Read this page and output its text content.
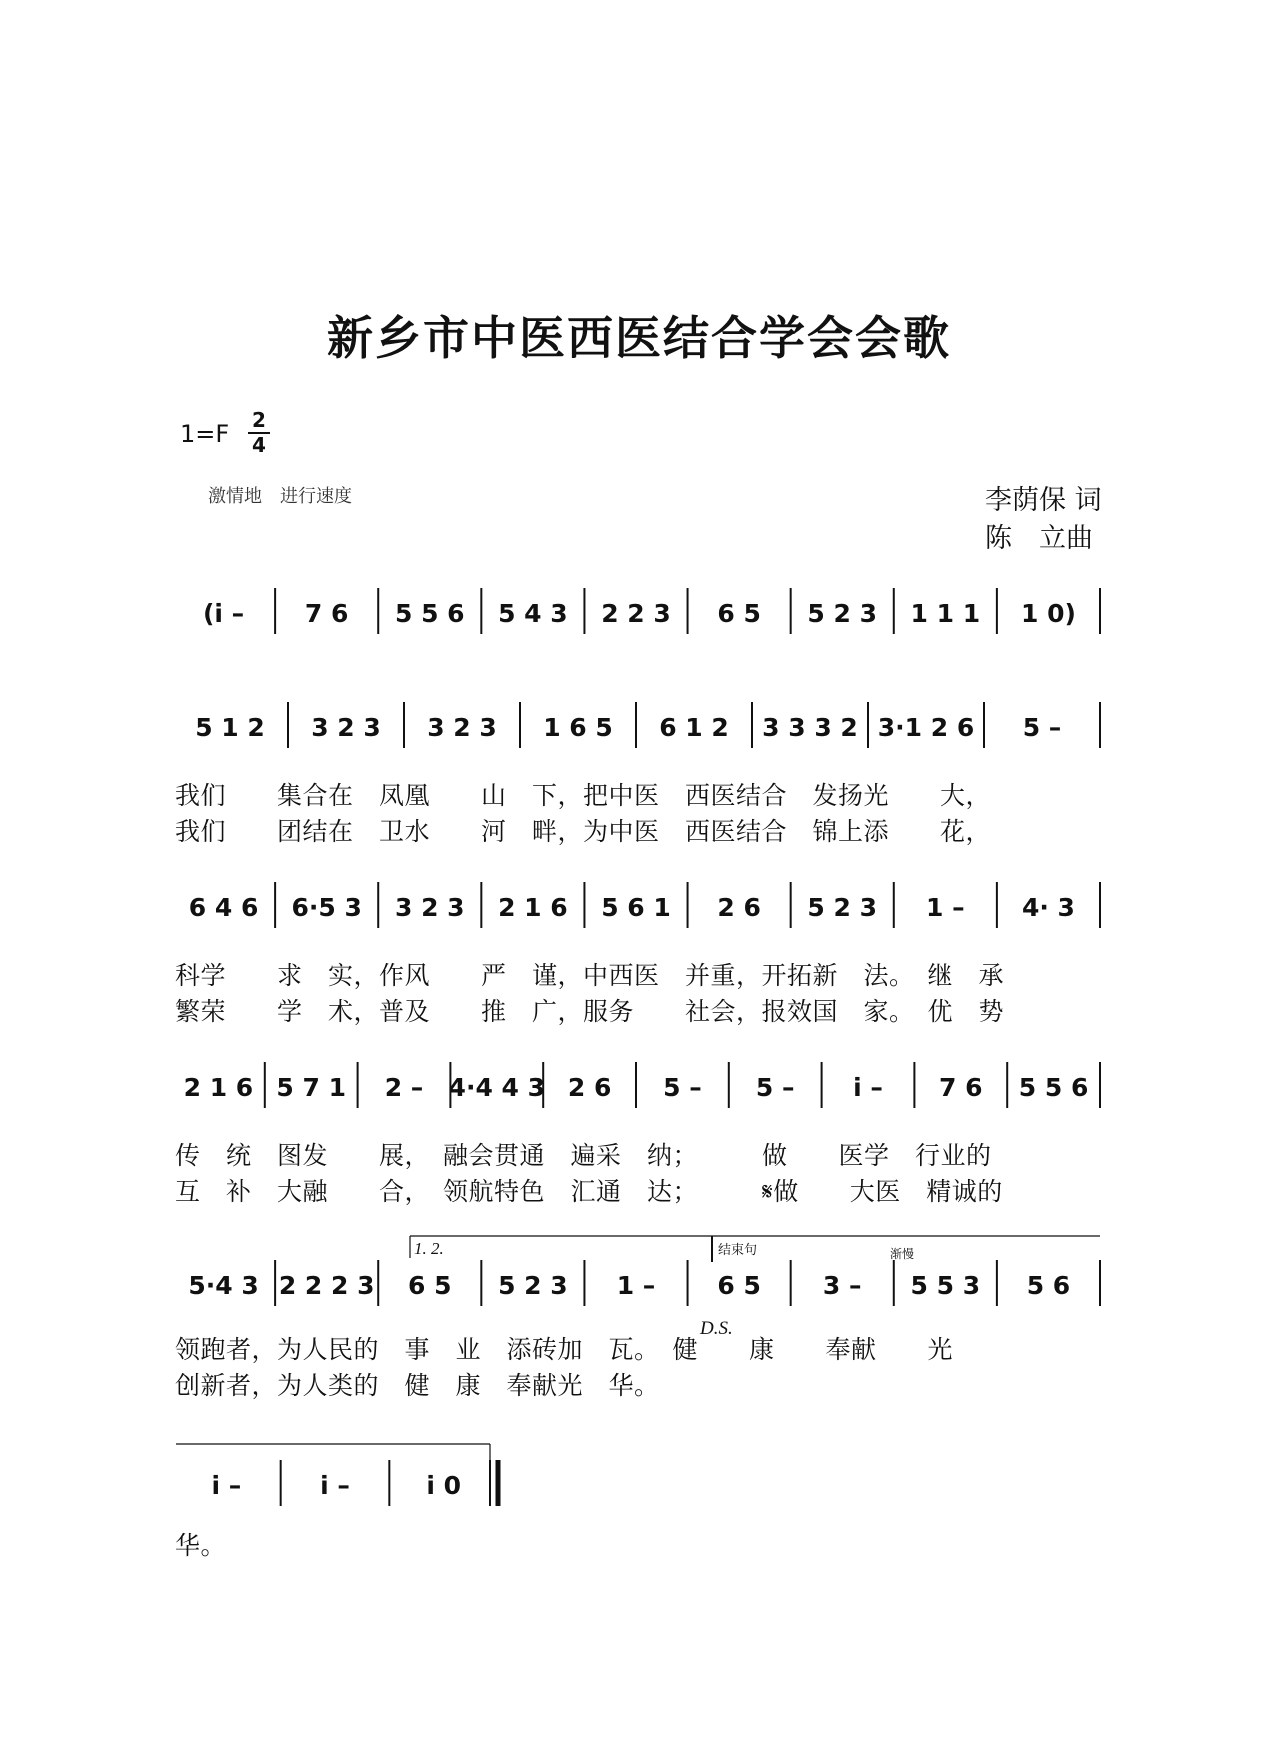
新乡市中医西医结合学会会歌
1=F 2
4
激情地　进行速度	李荫保 词
陈　立曲
(i̇ – 7 6 5 5 6 5 4 3 2 2 3 6 5 5 2 3 1 1 1 1 0)
5 1 2 3 2 3 3 2 3 1 6 5 6 1 2 3 3 3 2 3·1 2 6 5 –
6 4 6 6·5 3 3 2 3 2 1 6 5 6 1 2 6 5 2 3 1 – 4· 3
2 1 6 5 7 1 2 – 4·4 4 3 2 6 5 – 5 – i̇ – 7 6 5 5 6
5·4 3 2 2 2 3 6 5 5 2 3 1 – 6 5 3 – 5 5 3 5 6
i̇ –	i̇ –	i̇ 0
1. 2.	结束句	渐慢
我们　　集合在　凤凰　　山　下，把中医　西医结合　发扬光　　大，
我们　　团结在　卫水　　河　畔，为中医　西医结合　锦上添　　花，
科学　　求　实，作风　　严　谨，中西医　并重，开拓新　法。　继　承
繁荣　　学　术，普及　　推　广，服务　　社会，报效国　家。　优　势
传　统　图发　　展，　融会贯通　遍采　纳；　　　做　　医学　行业的
互　补　大融　　合，　领航特色　汇通　达；　　　𝄋做　　大医　精诚的
领跑者，为人民的　事　业　添砖加　瓦。　健　　康　　奉献　　光
创新者，为人类的　健　康　奉献光　华。
华。
D.S.
